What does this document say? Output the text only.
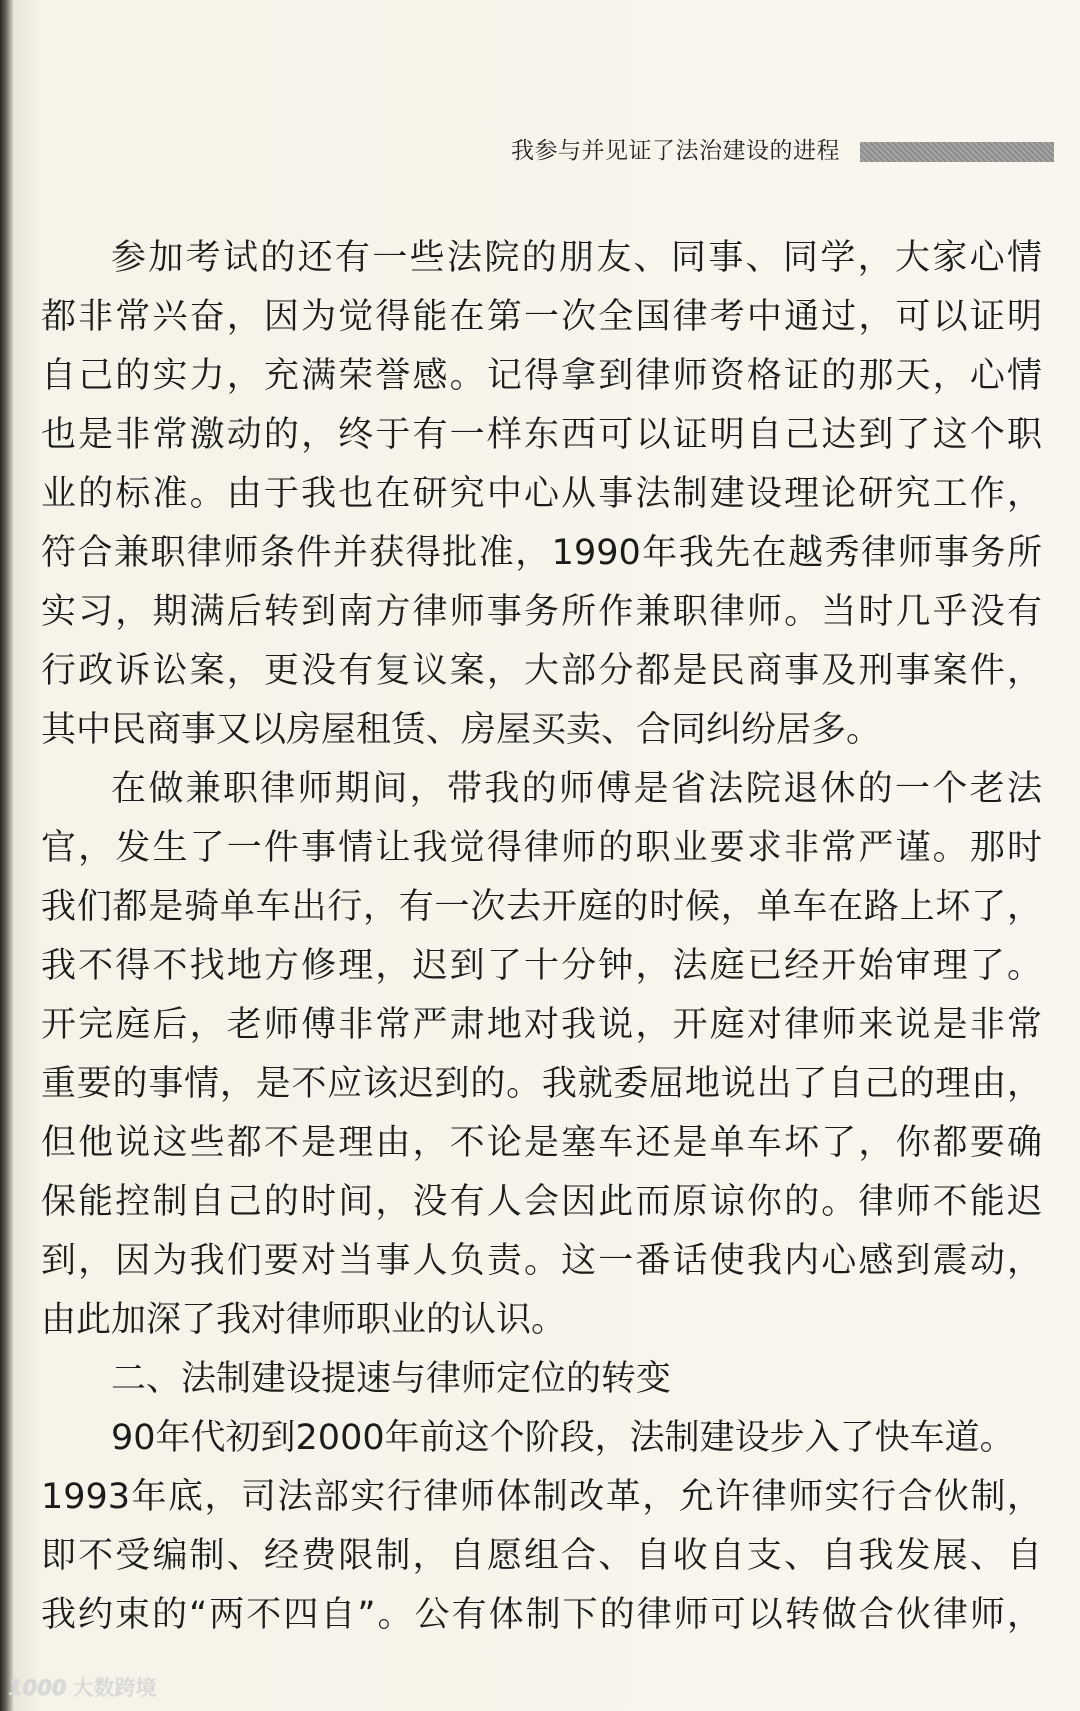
我参与并见证了法治建设的进程
参加考试的还有一些法院的朋友、同事、同学，大家心情
都非常兴奋，因为觉得能在第一次全国律考中通过，可以证明
自己的实力，充满荣誉感。记得拿到律师资格证的那天，心情
也是非常激动的，终于有一样东西可以证明自己达到了这个职
业的标准。由于我也在研究中心从事法制建设理论研究工作，
符合兼职律师条件并获得批准，1990年我先在越秀律师事务所
实习，期满后转到南方律师事务所作兼职律师。当时几乎没有
行政诉讼案，更没有复议案，大部分都是民商事及刑事案件，
其中民商事又以房屋租赁、房屋买卖、合同纠纷居多。
在做兼职律师期间，带我的师傅是省法院退休的一个老法
官，发生了一件事情让我觉得律师的职业要求非常严谨。那时
我们都是骑单车出行，有一次去开庭的时候，单车在路上坏了，
我不得不找地方修理，迟到了十分钟，法庭已经开始审理了。
开完庭后，老师傅非常严肃地对我说，开庭对律师来说是非常
重要的事情，是不应该迟到的。我就委屈地说出了自己的理由，
但他说这些都不是理由，不论是塞车还是单车坏了，你都要确
保能控制自己的时间，没有人会因此而原谅你的。律师不能迟
到，因为我们要对当事人负责。这一番话使我内心感到震动，
由此加深了我对律师职业的认识。
二、法制建设提速与律师定位的转变
90年代初到2000年前这个阶段，法制建设步入了快车道。
1993年底，司法部实行律师体制改革，允许律师实行合伙制，
即不受编制、经费限制，自愿组合、自收自支、自我发展、自
我约束的“两不四自”。公有体制下的律师可以转做合伙律师，
1000 大数跨境
